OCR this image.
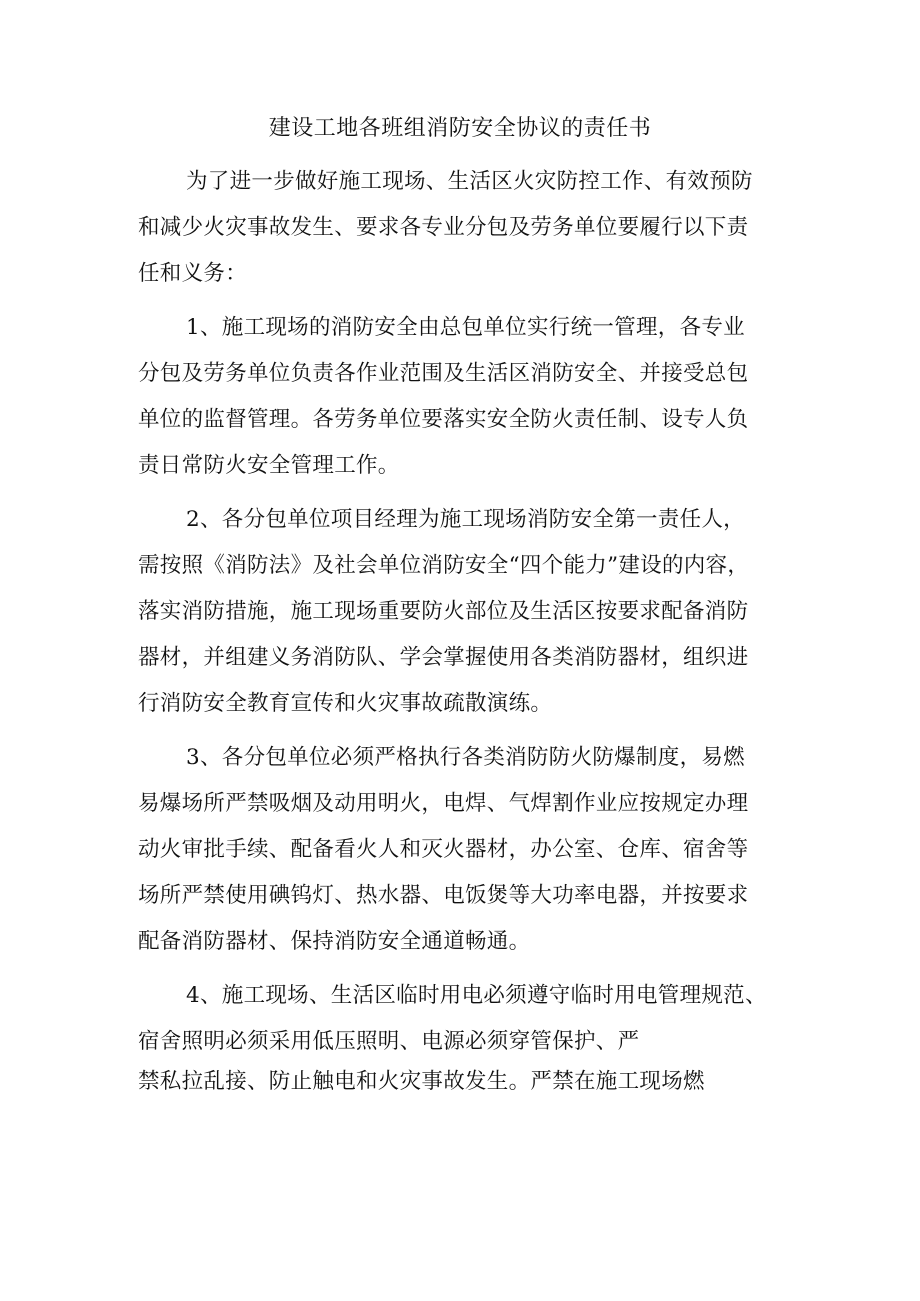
建设工地各班组消防安全协议的责任书
为了进一步做好施工现场、生活区火灾防控工作、有效预防
和减少火灾事故发生、要求各专业分包及劳务单位要履行以下责
任和义务：
1、施工现场的消防安全由总包单位实行统一管理，各专业
分包及劳务单位负责各作业范围及生活区消防安全、并接受总包
单位的监督管理。各劳务单位要落实安全防火责任制、设专人负
责日常防火安全管理工作。
2、各分包单位项目经理为施工现场消防安全第一责任人，
需按照《消防法》及社会单位消防安全“四个能力”建设的内容，
落实消防措施，施工现场重要防火部位及生活区按要求配备消防
器材，并组建义务消防队、学会掌握使用各类消防器材，组织进
行消防安全教育宣传和火灾事故疏散演练。
3、各分包单位必须严格执行各类消防防火防爆制度，易燃
易爆场所严禁吸烟及动用明火，电焊、气焊割作业应按规定办理
动火审批手续、配备看火人和灭火器材，办公室、仓库、宿舍等
场所严禁使用碘钨灯、热水器、电饭煲等大功率电器，并按要求
配备消防器材、保持消防安全通道畅通。
4、施工现场、生活区临时用电必须遵守临时用电管理规范、
宿舍照明必须采用低压照明、电源必须穿管保护、严
禁私拉乱接、防止触电和火灾事故发生。严禁在施工现场燃
